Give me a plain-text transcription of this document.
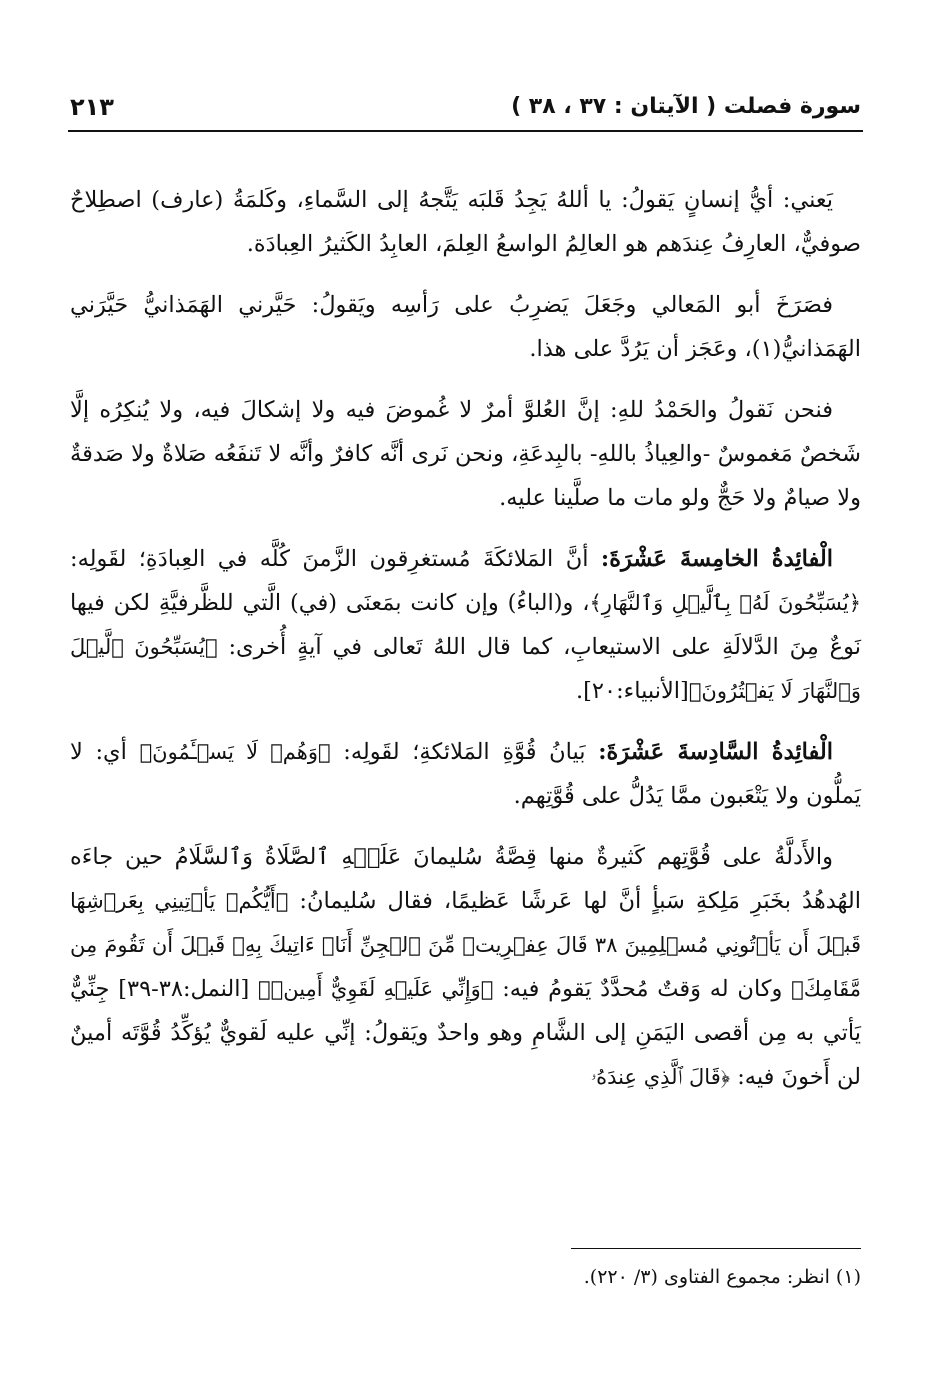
سورة فصلت ( الآيتان : ٣٧ ، ٣٨ )
٢١٣

يَعني: أيُّ إنسانٍ يَقولُ: يا أللهُ يَجِدُ قَلبَه يَتَّجهُ إلى السَّماءِ، وكَلمَةُ (عارف) اصطِلاحٌ صوفيٌّ، العارِفُ عِندَهم هو العالِمُ الواسعُ العِلمَ، العابِدُ الكَثيرُ العِبادَة.

فصَرَخَ أبو المَعالي وجَعَلَ يَضرِبُ على رَأسِه ويَقولُ: حَيَّرني الهَمَذانيُّ حَيَّرَني الهَمَذانيُّ(١)، وعَجَز أن يَرُدَّ على هذا.

فنحن نَقولُ والحَمْدُ للهِ: إنَّ العُلوَّ أمرٌ لا غُموضَ فيه ولا إشكالَ فيه، ولا يُنكِرُه إلَّا شَخصٌ مَغموسٌ -والعِياذُ باللهِ- بالبِدعَةِ، ونحن نَرى أنَّه كافرٌ وأنَّه لا تَنفَعُه صَلاةٌ ولا صَدقةٌ ولا صيامٌ ولا حَجٌّ ولو مات ما صلَّينا عليه.

الْفائِدةُ الخامِسةَ عَشْرَةَ: أنَّ المَلائكَةَ مُستغرِقون الزَّمنَ كُلَّه في العِبادَةِ؛ لقَولِه: ﴿يُسَبِّحُونَ لَهُۥ بِٱلَّيۡلِ وَٱلنَّهَارِ﴾، و(الباءُ) وإن كانت بمَعنَى (في) الَّتي للظَّرفيَّةِ لكن فيها نَوعٌ مِنَ الدَّلالَةِ على الاستيعابِ، كما قال اللهُ تَعالى في آيةٍ أُخرى: ﴿يُسَبِّحُونَ ٱلَّيۡلَ وَٱلنَّهَارَ لَا يَفۡتُرُونَ﴾[الأنبياء:٢٠].

الْفائِدةُ السَّادِسةَ عَشْرَةَ: بَيانُ قُوَّةِ المَلائكةِ؛ لقَولِه: ﴿وَهُمۡ لَا يَسۡـَٔمُونَ﴾ أي: لا يَملُّون ولا يَتْعَبون ممَّا يَدُلُّ على قُوَّتِهم.

والأَدلَّةُ على قُوَّتِهم كَثيرةٌ منها قِصَّةُ سُليمانَ عَلَيۡهِ ٱلصَّلَاةُ وَٱلسَّلَامُ حين جاءَه الهُدهُدُ بخَبَرِ مَلِكةِ سَبأٍ أنَّ لها عَرشًا عَظيمًا، فقال سُليمانُ: ﴿أَيُّكُمۡ يَأۡتِينِي بِعَرۡشِهَا قَبۡلَ أَن يَأۡتُونِي مُسۡلِمِينَ ٣٨ قَالَ عِفۡرِيتٞ مِّنَ ٱلۡجِنِّ أَنَا۠ ءَاتِيكَ بِهِۦ قَبۡلَ أَن تَقُومَ مِن مَّقَامِكَ﴾ وكان له وَقتٌ مُحدَّدٌ يَقومُ فيه: ﴿وَإِنِّي عَلَيۡهِ لَقَوِيٌّ أَمِينٞ﴾ [النمل:٣٨-٣٩] جِنِّيٌّ يَأتي به مِن أقصى اليَمَنِ إلى الشَّامِ وهو واحدٌ ويَقولُ: إنِّي عليه لَقويٌّ يُؤكِّدُ قُوَّتَه أمينٌ لن أَخونَ فيه: ﴿قَالَ ٱلَّذِي عِندَهُۥ

(١) انظر: مجموع الفتاوى (٣/ ٢٢٠).
